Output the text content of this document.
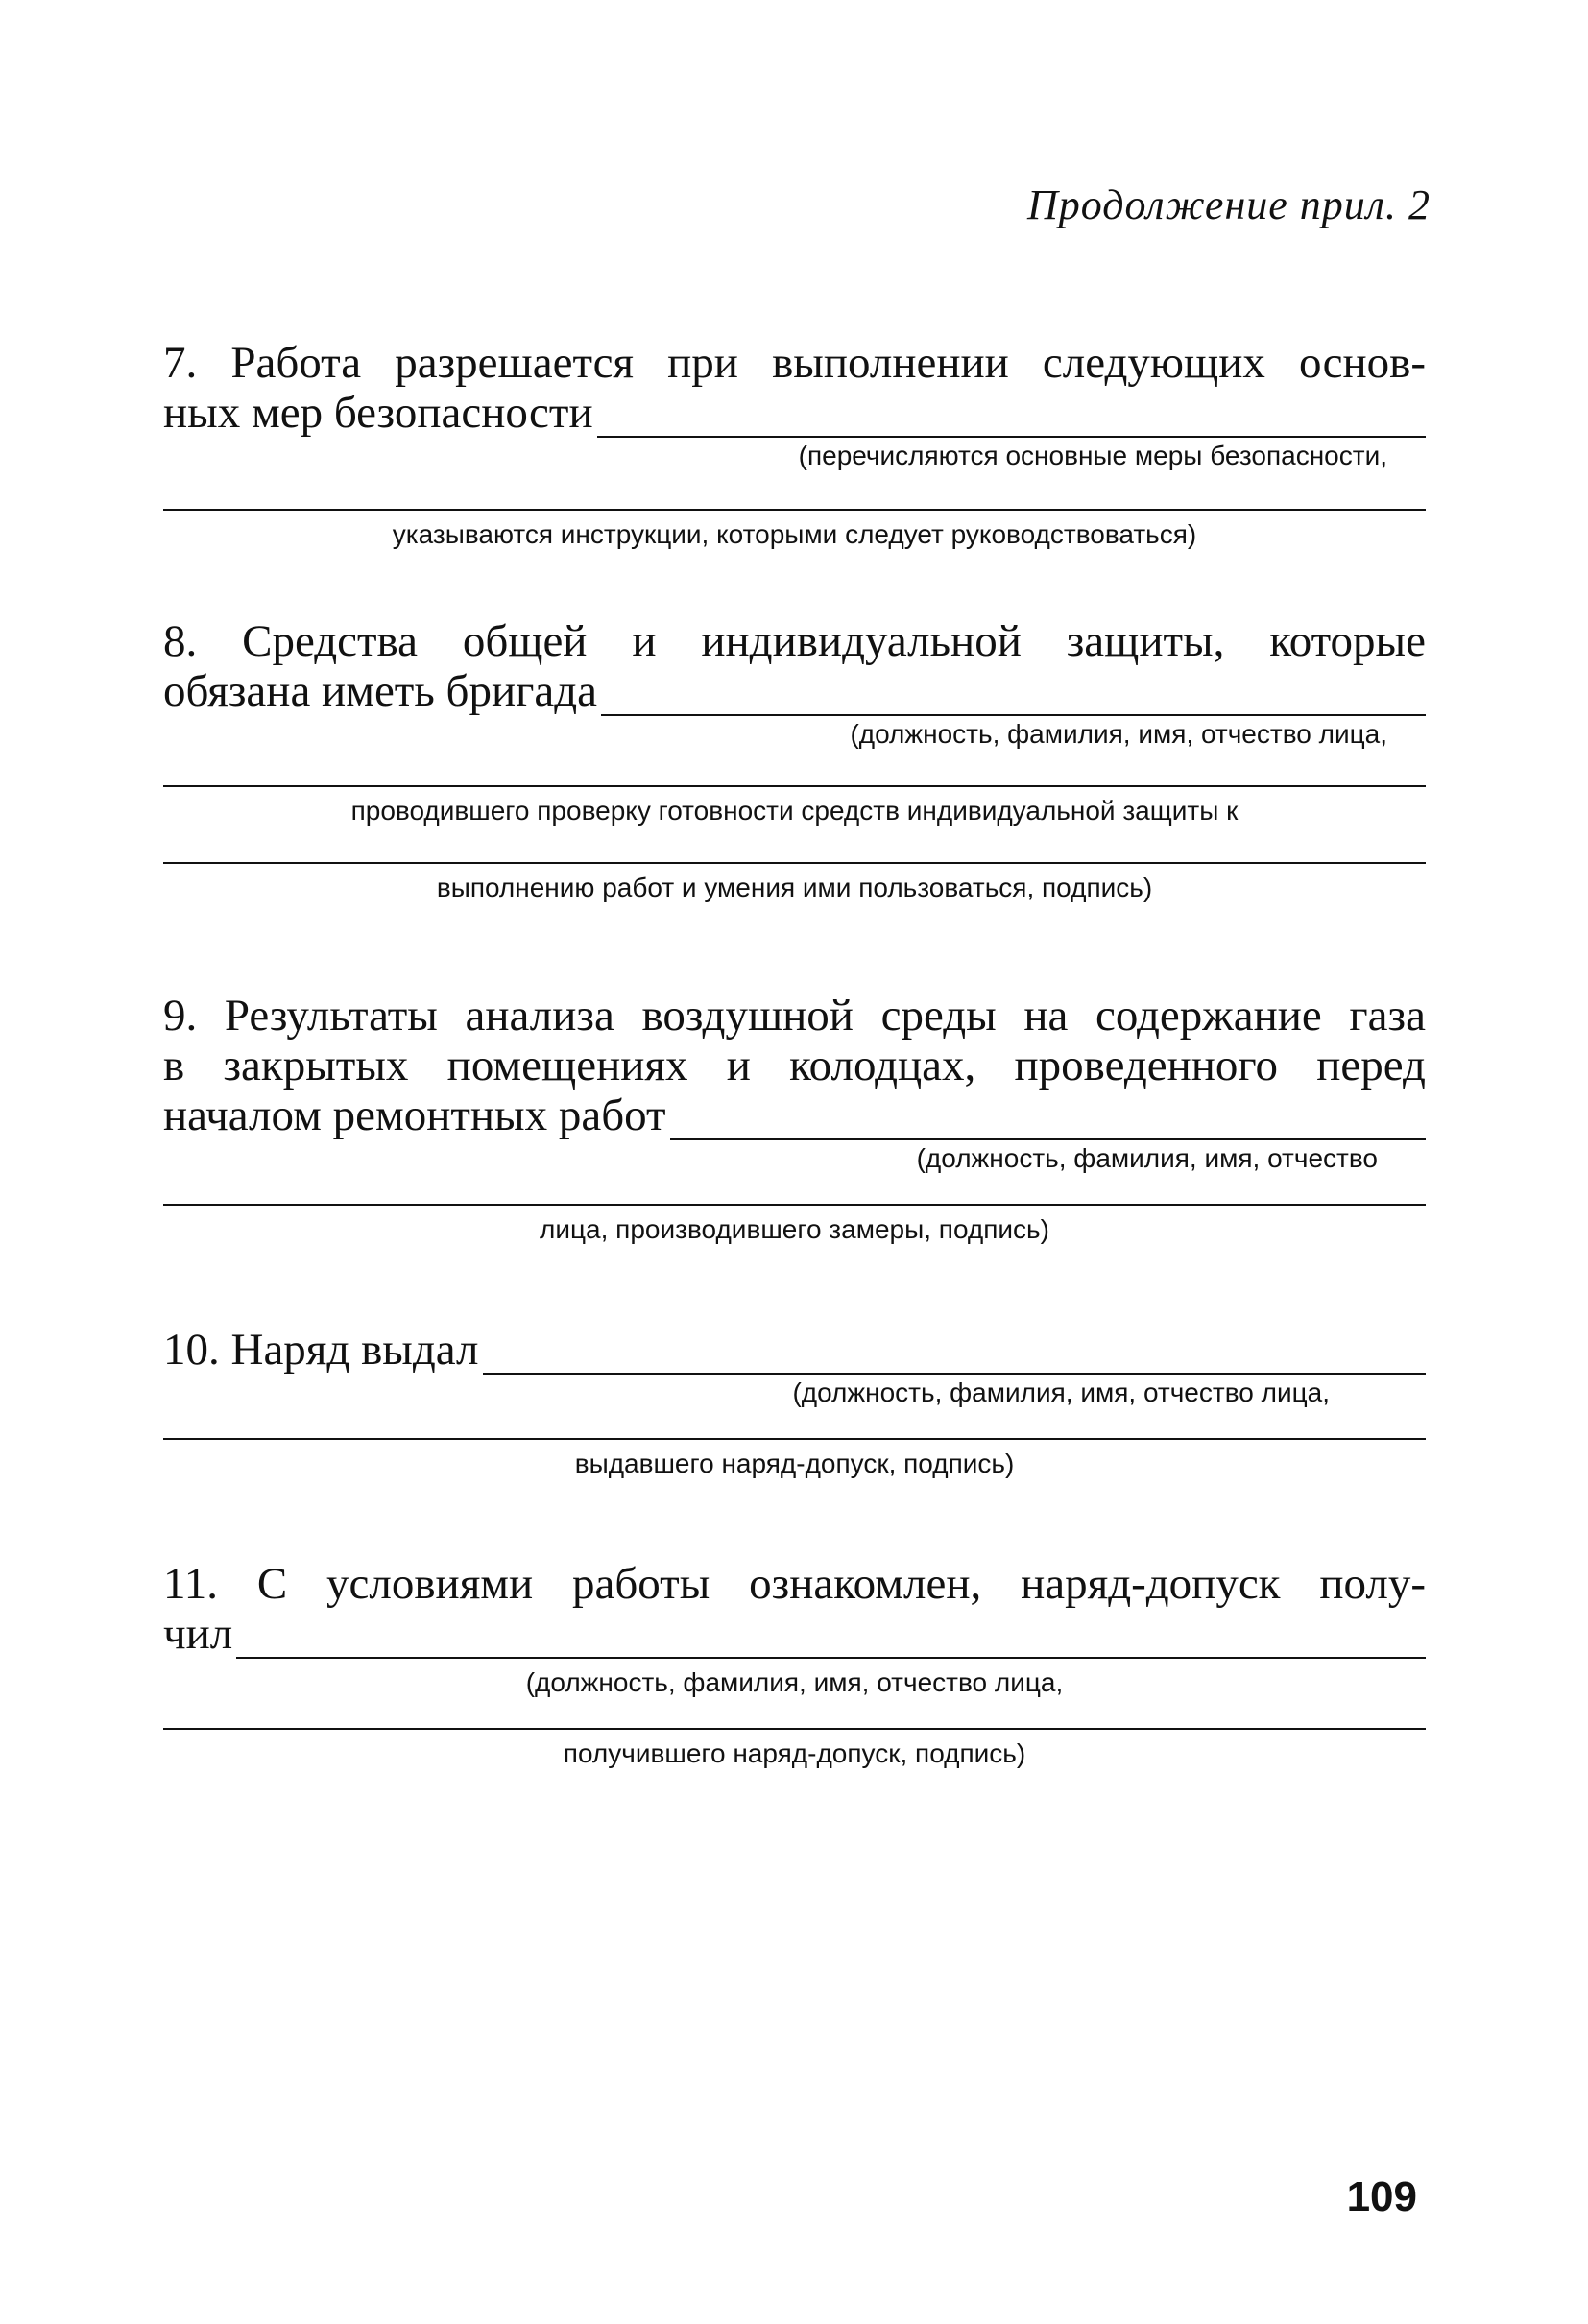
Продолжение прил. 2
7. Работа разрешается при выполнении следующих основ-
ных мер безопасности
(перечисляются основные меры безопасности,
указываются инструкции, которыми следует руководствоваться)
8. Средства общей и индивидуальной защиты, которые
обязана иметь бригада
(должность, фамилия, имя, отчество лица,
проводившего проверку готовности средств индивидуальной защиты к
выполнению работ и умения ими пользоваться, подпись)
9. Результаты анализа воздушной среды на содержание газа
в закрытых помещениях и колодцах, проведенного перед
началом ремонтных работ
(должность, фамилия, имя, отчество
лица, производившего замеры, подпись)
10. Наряд выдал
(должность, фамилия, имя, отчество лица,
выдавшего наряд-допуск, подпись)
11. С условиями работы ознакомлен, наряд-допуск полу-
чил
(должность, фамилия, имя, отчество лица,
получившего наряд-допуск, подпись)
109
